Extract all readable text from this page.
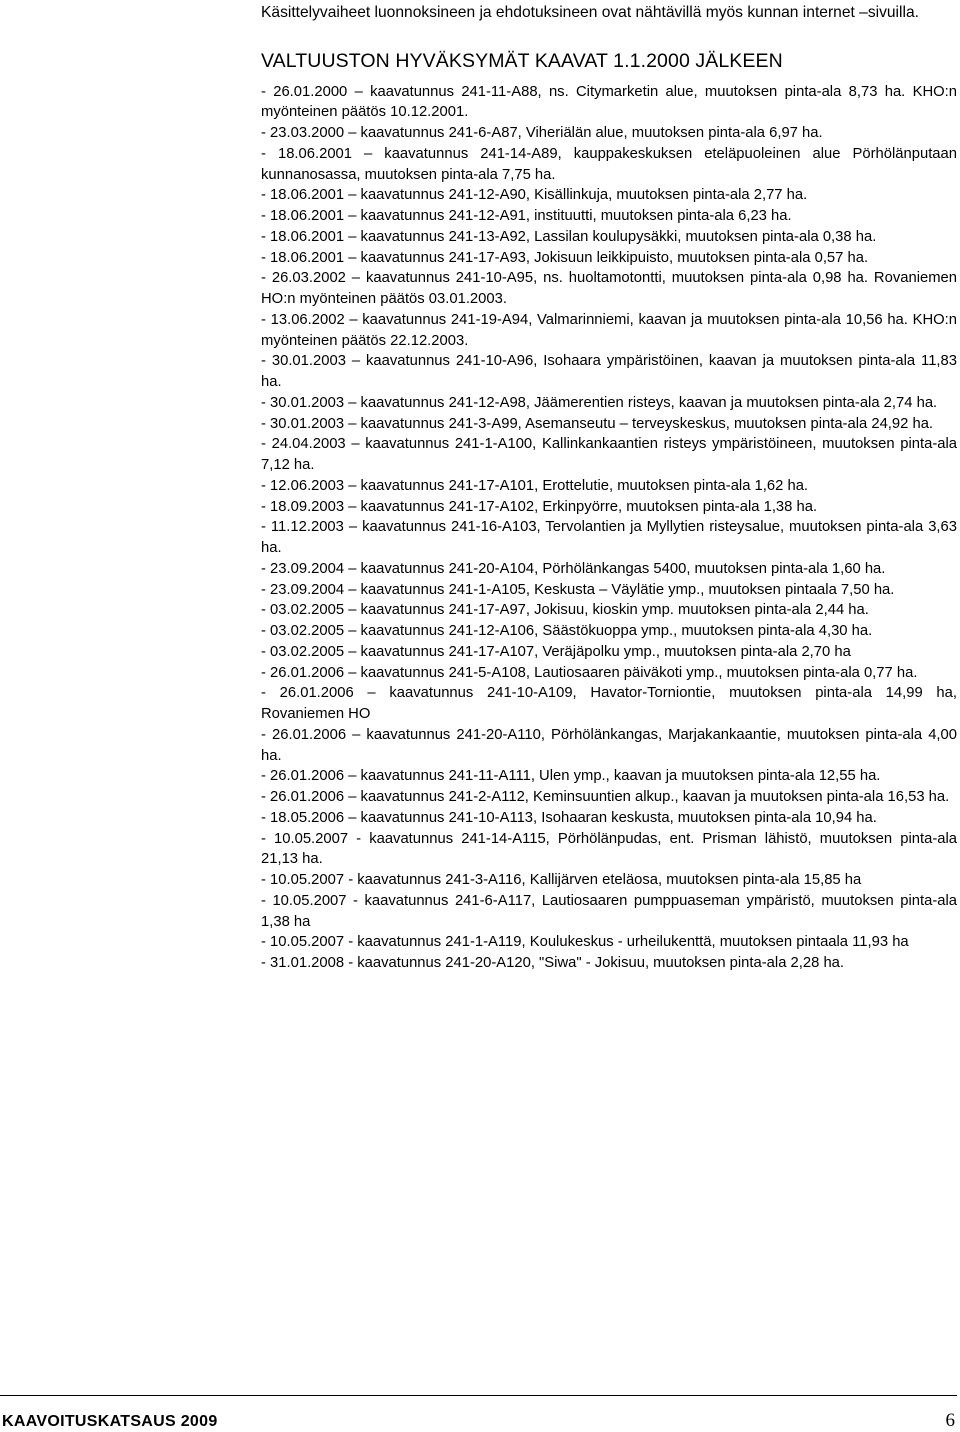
Käsittelyvaiheet luonnoksineen ja ehdotuksineen ovat nähtävillä myös kunnan internet –sivuilla.

VALTUUSTON HYVÄKSYMÄT KAAVAT 1.1.2000 JÄLKEEN
- 26.01.2000 – kaavatunnus 241-11-A88, ns. Citymarketin alue, muutoksen pinta-ala 8,73 ha. KHO:n myönteinen päätös 10.12.2001.
- 23.03.2000 – kaavatunnus 241-6-A87, Viheriälän alue, muutoksen pinta-ala 6,97 ha.
- 18.06.2001 – kaavatunnus 241-14-A89, kauppakeskuksen eteläpuoleinen alue Pörhölänputaan kunnanosassa, muutoksen pinta-ala 7,75 ha.
- 18.06.2001 – kaavatunnus 241-12-A90, Kisällinkuja, muutoksen pinta-ala 2,77 ha.
- 18.06.2001 – kaavatunnus 241-12-A91, instituutti, muutoksen pinta-ala 6,23 ha.
- 18.06.2001 – kaavatunnus 241-13-A92, Lassilan koulupysäkki, muutoksen pinta-ala 0,38 ha.
- 18.06.2001 – kaavatunnus 241-17-A93, Jokisuun leikkipuisto, muutoksen pinta-ala 0,57 ha.
- 26.03.2002 – kaavatunnus 241-10-A95, ns. huoltamotontti, muutoksen pinta-ala 0,98 ha. Rovaniemen HO:n myönteinen päätös 03.01.2003.
- 13.06.2002 – kaavatunnus 241-19-A94, Valmarinniemi, kaavan ja muutoksen pinta-ala 10,56 ha. KHO:n myönteinen päätös 22.12.2003.
- 30.01.2003 – kaavatunnus 241-10-A96, Isohaara ympäristöinen, kaavan ja muutoksen pinta-ala 11,83 ha.
- 30.01.2003 – kaavatunnus 241-12-A98, Jäämerentien risteys, kaavan ja muutoksen pinta-ala 2,74 ha.
- 30.01.2003 – kaavatunnus 241-3-A99, Asemanseutu – terveyskeskus, muutoksen pinta-ala 24,92 ha.
- 24.04.2003 – kaavatunnus 241-1-A100, Kallinkankaantien risteys ympäristöineen, muutoksen pinta-ala 7,12 ha.
- 12.06.2003 – kaavatunnus 241-17-A101, Erottelutie, muutoksen pinta-ala 1,62 ha.
- 18.09.2003 – kaavatunnus 241-17-A102, Erkinpyörre, muutoksen pinta-ala 1,38 ha.
- 11.12.2003 – kaavatunnus 241-16-A103, Tervolantien ja Myllytien risteysalue, muutoksen pinta-ala 3,63 ha.
- 23.09.2004 – kaavatunnus 241-20-A104, Pörhölänkangas 5400, muutoksen pinta-ala 1,60 ha.
- 23.09.2004 – kaavatunnus 241-1-A105, Keskusta – Väylätie ymp., muutoksen pintaala 7,50 ha.
- 03.02.2005 – kaavatunnus 241-17-A97, Jokisuu, kioskin ymp. muutoksen pinta-ala 2,44 ha.
- 03.02.2005 – kaavatunnus 241-12-A106, Säästökuoppa ymp., muutoksen pinta-ala 4,30 ha.
- 03.02.2005 – kaavatunnus 241-17-A107, Veräjäpolku ymp., muutoksen pinta-ala 2,70 ha
- 26.01.2006 – kaavatunnus 241-5-A108, Lautiosaaren päiväkoti ymp., muutoksen pinta-ala 0,77 ha.
- 26.01.2006 – kaavatunnus 241-10-A109, Havator-Torniontie, muutoksen pinta-ala 14,99 ha, Rovaniemen HO
- 26.01.2006 – kaavatunnus 241-20-A110, Pörhölänkangas, Marjakankaantie, muutoksen pinta-ala 4,00 ha.
- 26.01.2006 – kaavatunnus 241-11-A111, Ulen ymp., kaavan ja muutoksen pinta-ala 12,55 ha.
- 26.01.2006 – kaavatunnus 241-2-A112, Keminsuuntien alkup., kaavan ja muutoksen pinta-ala 16,53 ha.
- 18.05.2006 – kaavatunnus 241-10-A113, Isohaaran keskusta, muutoksen pinta-ala 10,94 ha.
- 10.05.2007 - kaavatunnus 241-14-A115, Pörhölänpudas, ent. Prisman lähistö, muutoksen pinta-ala 21,13 ha.
- 10.05.2007 - kaavatunnus 241-3-A116, Kallijärven eteläosa, muutoksen pinta-ala 15,85 ha
- 10.05.2007 - kaavatunnus 241-6-A117, Lautiosaaren pumppuaseman ympäristö, muutoksen pinta-ala 1,38 ha
- 10.05.2007 - kaavatunnus 241-1-A119, Koulukeskus - urheilukenttä, muutoksen pintaala 11,93 ha
- 31.01.2008 - kaavatunnus 241-20-A120, "Siwa" - Jokisuu, muutoksen pinta-ala 2,28 ha.
KAAVOITUSKATSAUS 2009	6
